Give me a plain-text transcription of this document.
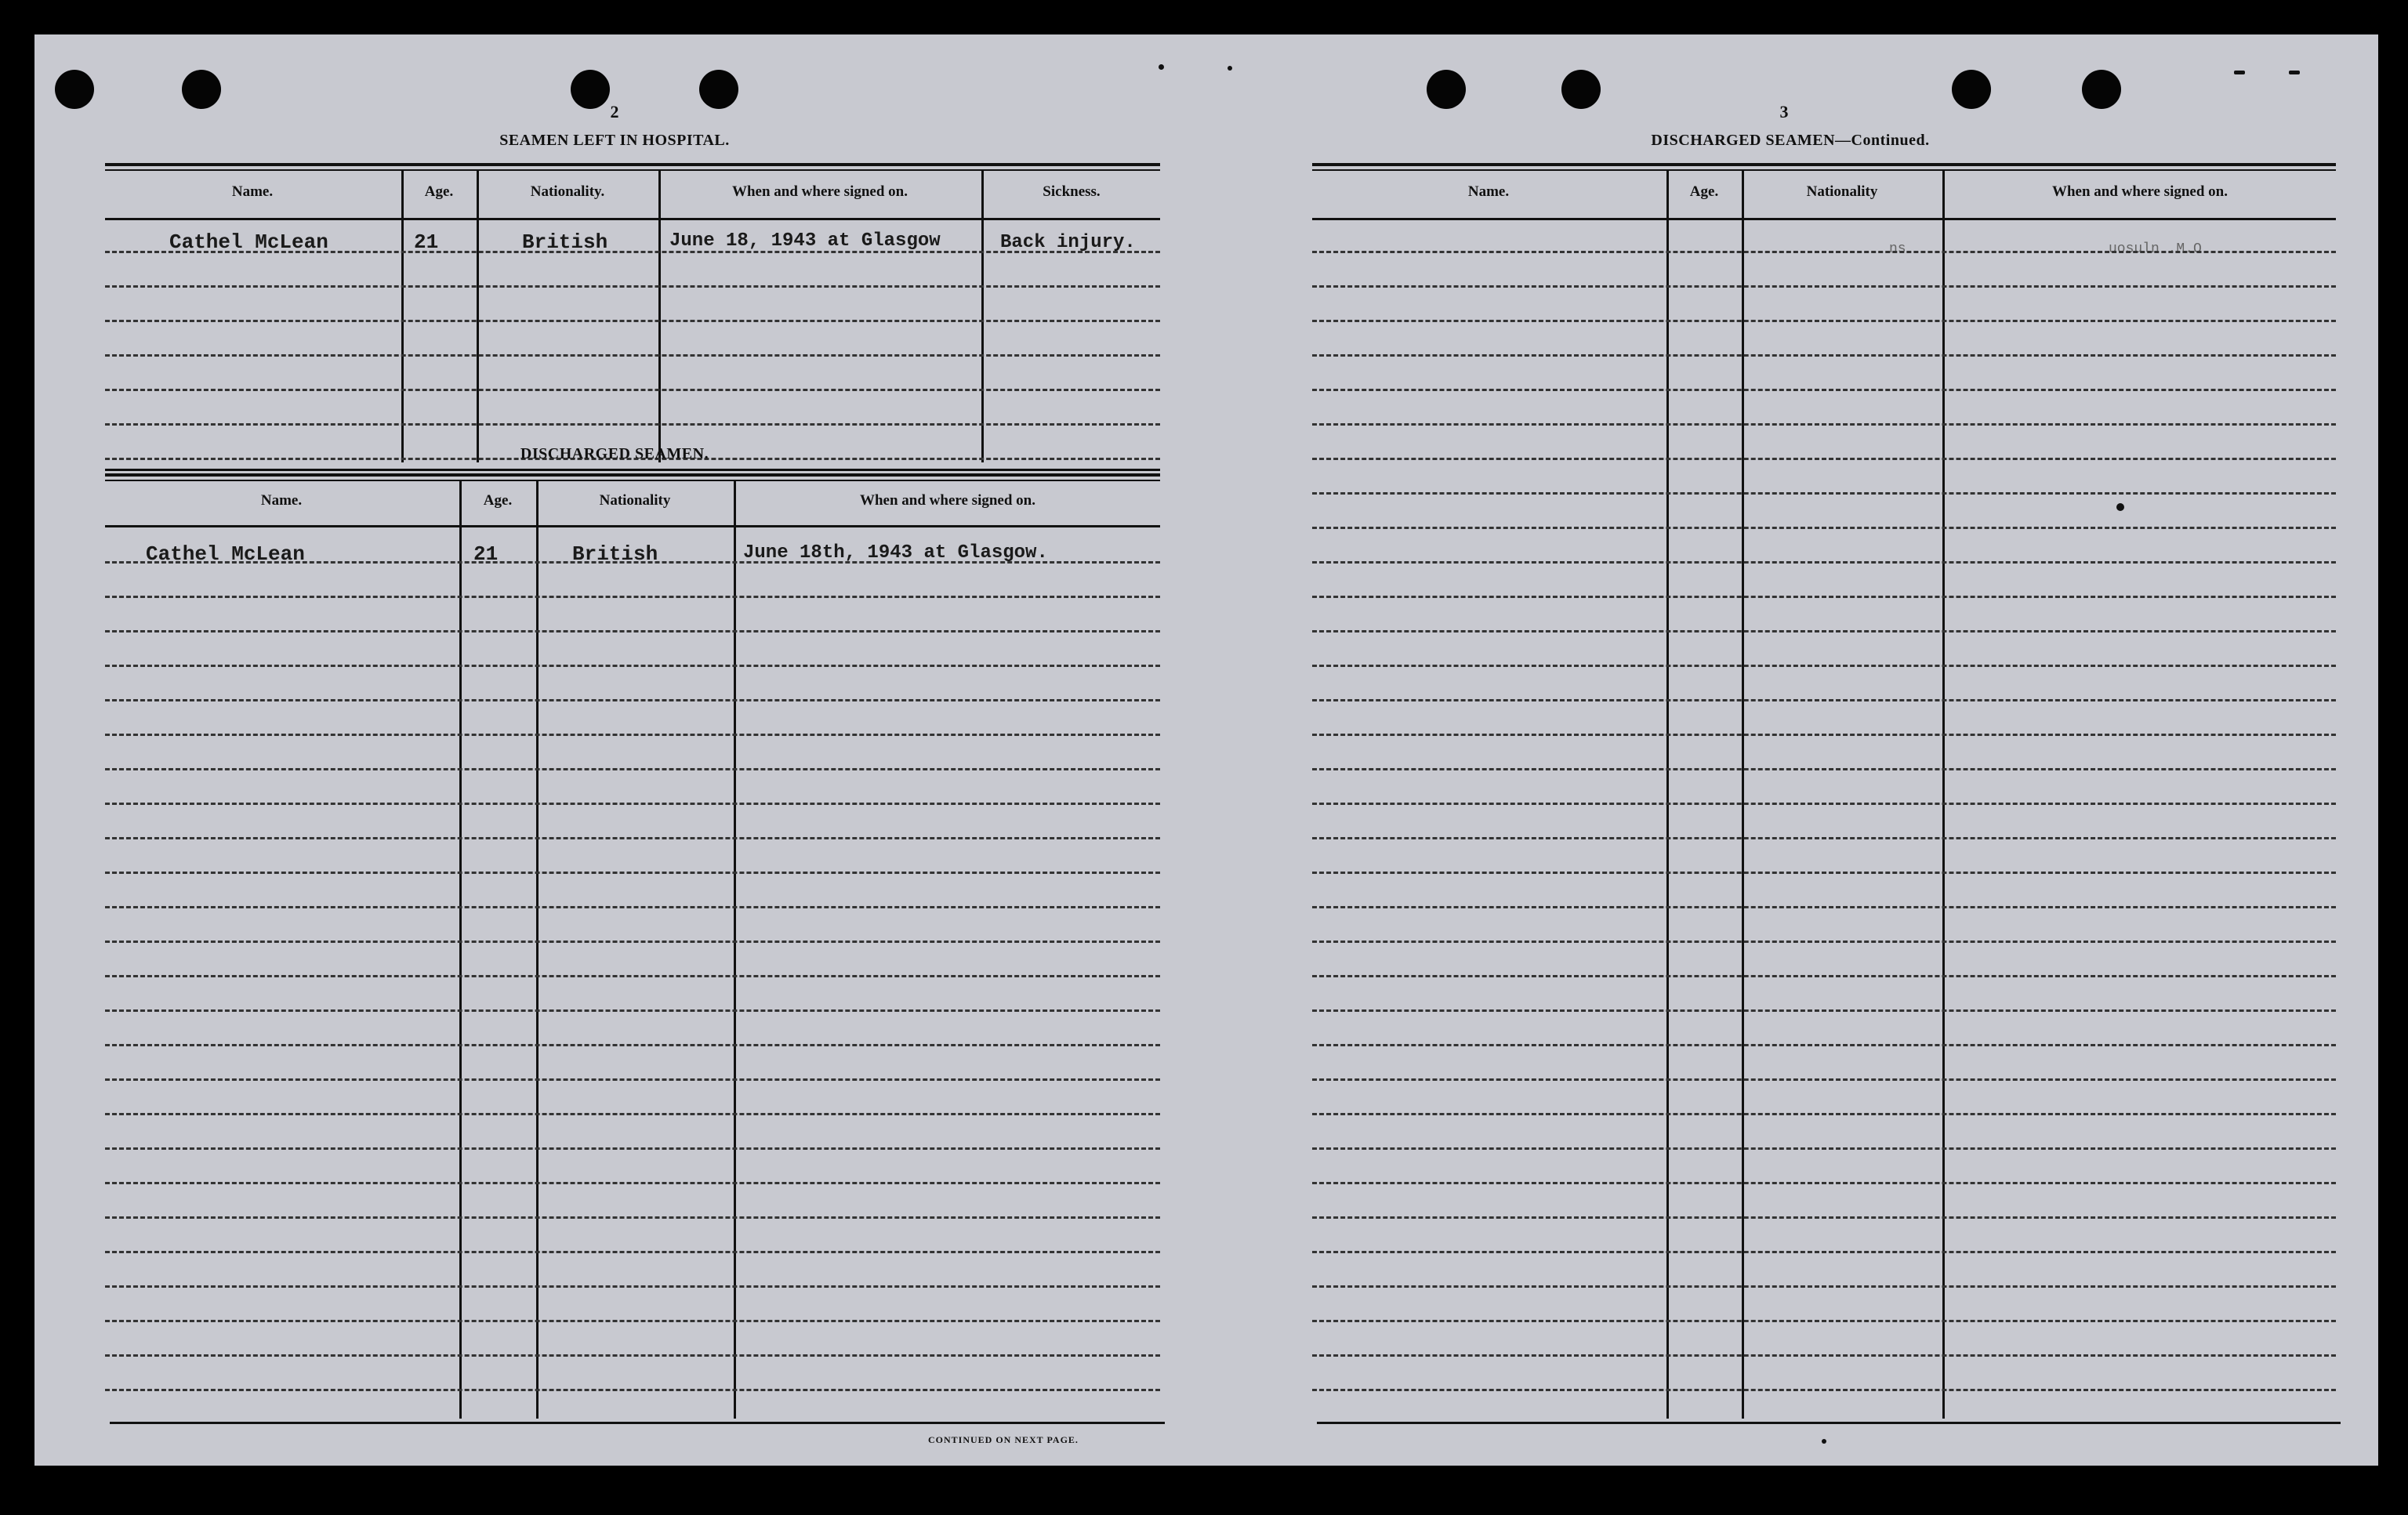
2
SEAMEN LEFT IN HOSPITAL.
Name.	Age.	Nationality.	When and where signed on.	Sickness.
Cathel McLean	21	British	June 18, 1943 at Glasgow	Back injury.
DISCHARGED SEAMEN.
Name.	Age.	Nationality	When and where signed on.
Cathel McLean	21	British	June 18th, 1943 at Glasgow.
CONTINUED ON NEXT PAGE.
3
DISCHARGED SEAMEN—Continued.
Name.	Age.	Nationality	When and where signed on.
ns	uosuln .M.O
